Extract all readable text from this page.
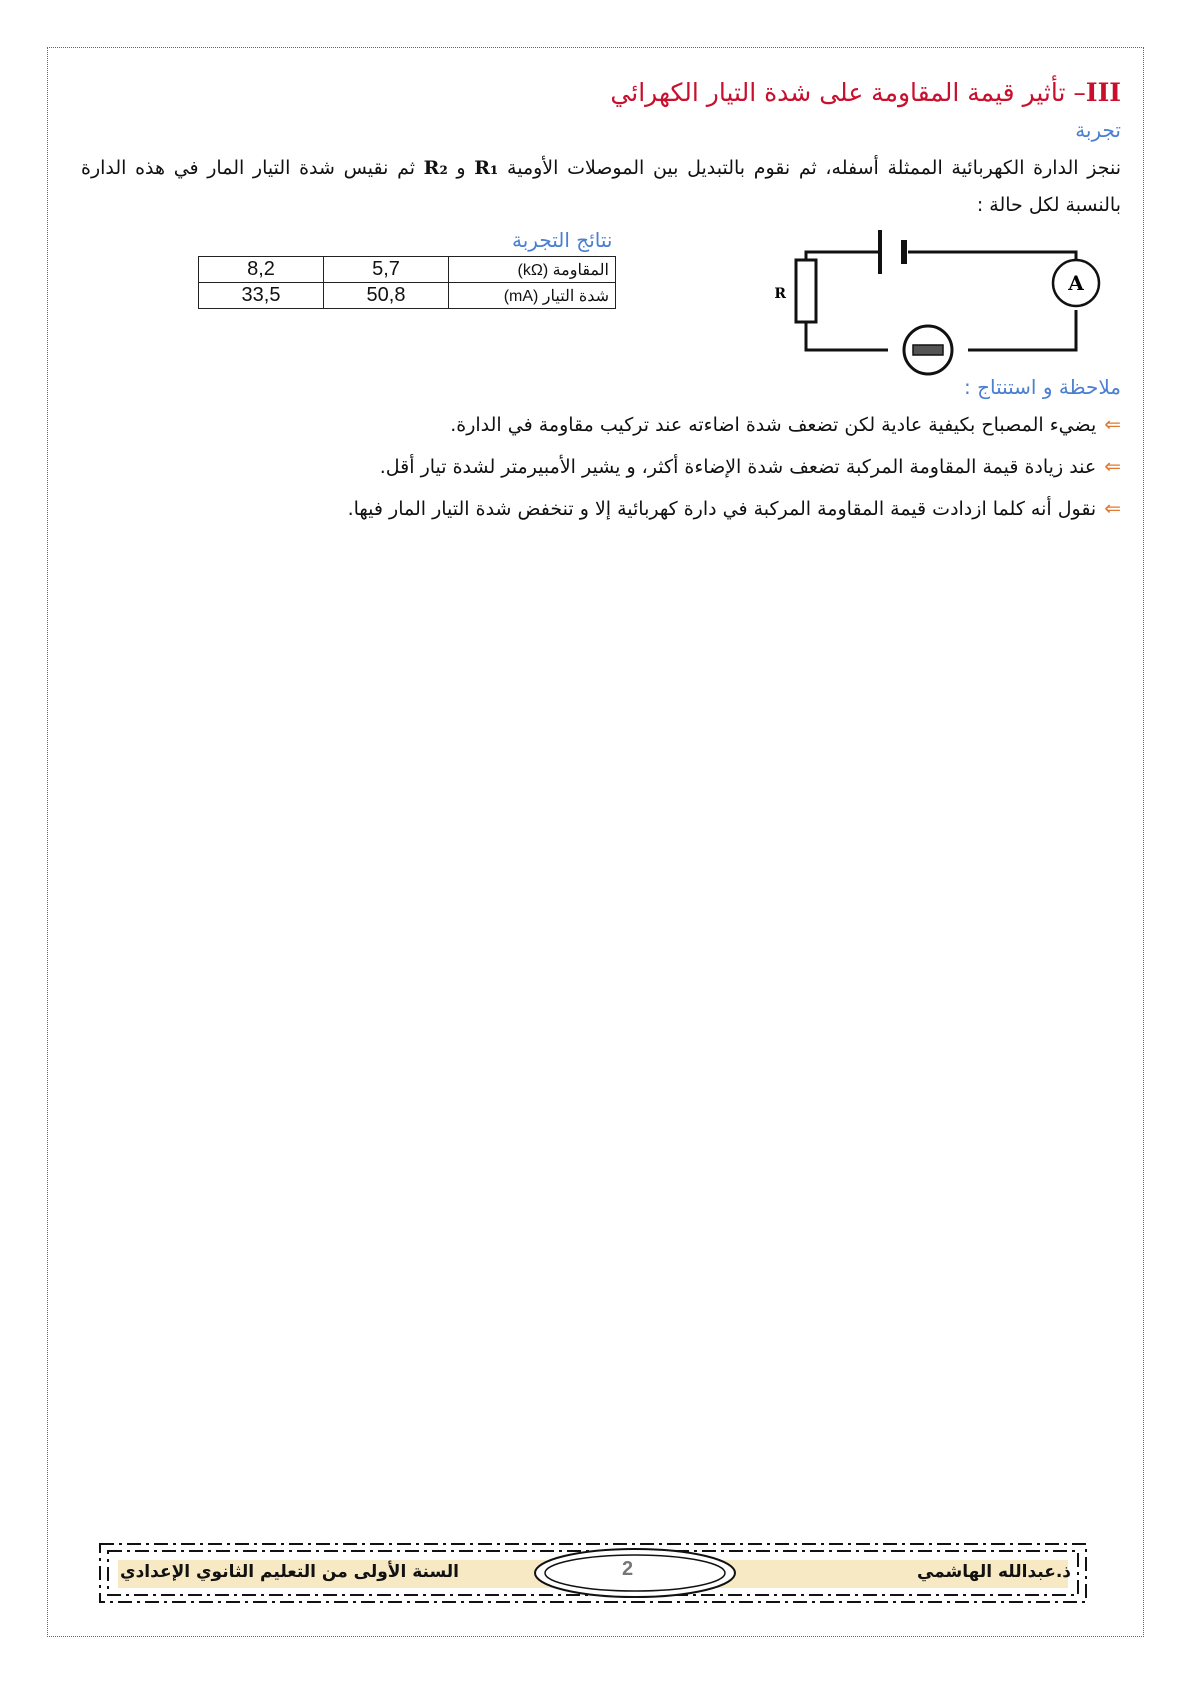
III– تأثير قيمة المقاومة على شدة التيار الكهرائي
تجربة
ننجز الدارة الكهربائية الممثلة أسفله، ثم نقوم بالتبديل بين الموصلات الأومية R₁ و R₂ ثم نقيس شدة التيار المار في هذه الدارة بالنسبة لكل حالة :
نتائج التجربة
8,2	5,7	المقاومة (kΩ)
33,5	50,8	شدة التيار (mA)	R	A
ملاحظة و استنتاج :
⇐يضيء المصباح بكيفية عادية لكن تضعف شدة اضاءته عند تركيب مقاومة في الدارة.
⇐عند زيادة قيمة المقاومة المركبة تضعف شدة الإضاءة أكثر، و يشير الأمبيرمتر لشدة تيار أقل.
⇐نقول أنه كلما ازدادت قيمة المقاومة المركبة في دارة كهربائية إلا و تنخفض شدة التيار المار فيها.
2
السنة الأولى من التعليم الثانوي الإعدادي	ذ.عبدالله الهاشمي
